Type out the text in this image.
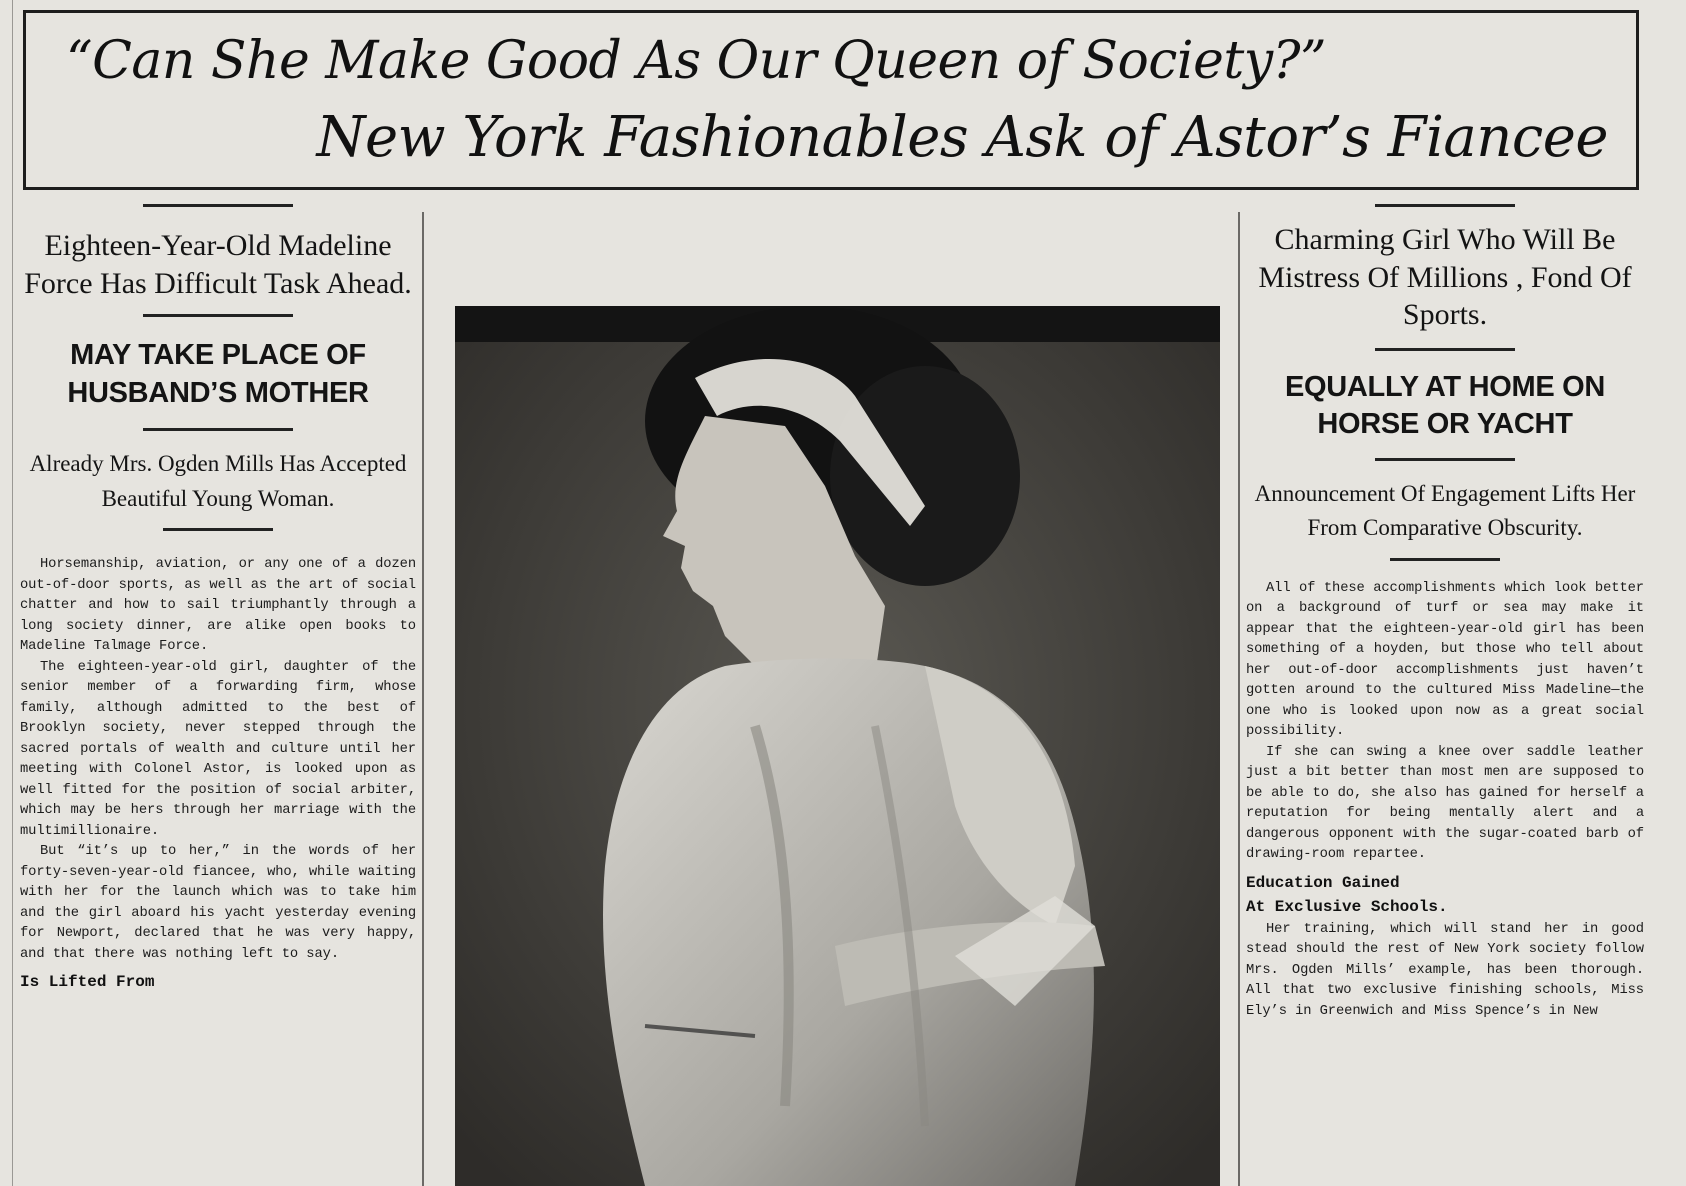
“Can She Make Good As Our Queen of Society?”
New York Fashionables Ask of Astor’s Fiancee
Eighteen-Year-Old Madeline Force Has Difficult Task Ahead.
MAY TAKE PLACE OF HUSBAND’S MOTHER
Already Mrs. Ogden Mills Has Accepted Beautiful Young Woman.

Horsemanship, aviation, or any one of a dozen out-of-door sports, as well as the art of social chatter and how to sail triumphantly through a long society dinner, are alike open books to Madeline Talmage Force.

The eighteen-year-old girl, daughter of the senior member of a forwarding firm, whose family, although admitted to the best of Brooklyn society, never stepped through the sacred portals of wealth and culture until her meeting with Colonel Astor, is looked upon as well fitted for the position of social arbiter, which may be hers through her marriage with the multimillionaire.

But “it’s up to her,” in the words of her forty-seven-year-old fiancee, who, while waiting with her for the launch which was to take him and the girl aboard his yacht yesterday evening for Newport, declared that he was very happy, and that there was nothing left to say.

Is Lifted From
Charming Girl Who Will Be Mistress Of Millions , Fond Of Sports.
EQUALLY AT HOME ON HORSE OR YACHT
Announcement Of Engagement Lifts Her From Comparative Obscurity.

All of these accomplishments which look better on a background of turf or sea may make it appear that the eighteen-year-old girl has been something of a hoyden, but those who tell about her out-of-door accomplishments just haven’t gotten around to the cultured Miss Madeline—the one who is looked upon now as a great social possibility.

If she can swing a knee over saddle leather just a bit better than most men are supposed to be able to do, she also has gained for herself a reputation for being mentally alert and a dangerous opponent with the sugar-coated barb of drawing-room repartee.

Education Gained
At Exclusive Schools.

Her training, which will stand her in good stead should the rest of New York society follow Mrs. Ogden Mills’ example, has been thorough. All that two exclusive finishing schools, Miss Ely’s in Greenwich and Miss Spence’s in New
